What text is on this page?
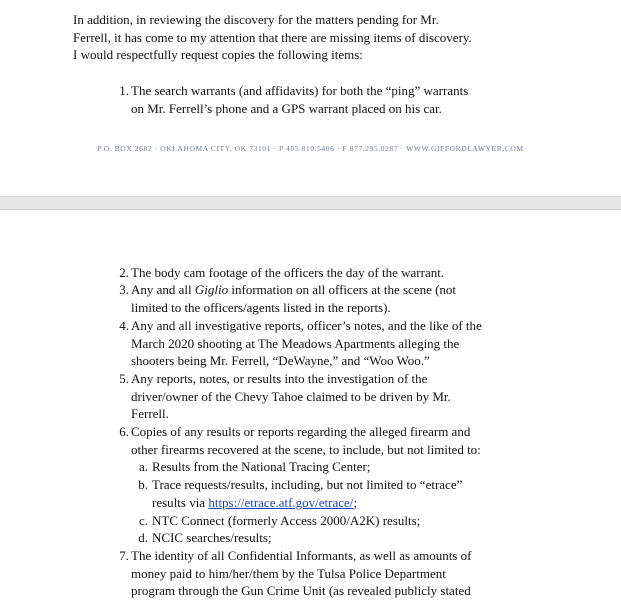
In addition, in reviewing the discovery for the matters pending for Mr.
Ferrell, it has come to my attention that there are missing items of discovery.
I would respectfully request copies the following items:
1. The search warrants (and affidavits) for both the “ping” warrants
on Mr. Ferrell’s phone and a GPS warrant placed on his car.
P.O. BOX 2682 · OKLAHOMA CITY, OK 73101 · P 405.810.5406 · F 877.295.0287 · WWW.GIFFORDLAWYER.COM
2. The body cam footage of the officers the day of the warrant.
3. Any and all Giglio information on all officers at the scene (not
limited to the officers/agents listed in the reports).
4. Any and all investigative reports, officer’s notes, and the like of the
March 2020 shooting at The Meadows Apartments alleging the
shooters being Mr. Ferrell, “DeWayne,” and “Woo Woo.”
5. Any reports, notes, or results into the investigation of the
driver/owner of the Chevy Tahoe claimed to be driven by Mr.
Ferrell.
6. Copies of any results or reports regarding the alleged firearm and
other firearms recovered at the scene, to include, but not limited to:
a. Results from the National Tracing Center;
b. Trace requests/results, including, but not limited to “etrace”
results via https://etrace.atf.gov/etrace/;
c. NTC Connect (formerly Access 2000/A2K) results;
d. NCIC searches/results;
7. The identity of all Confidential Informants, as well as amounts of
money paid to him/her/them by the Tulsa Police Department
program through the Gun Crime Unit (as revealed publicly stated
